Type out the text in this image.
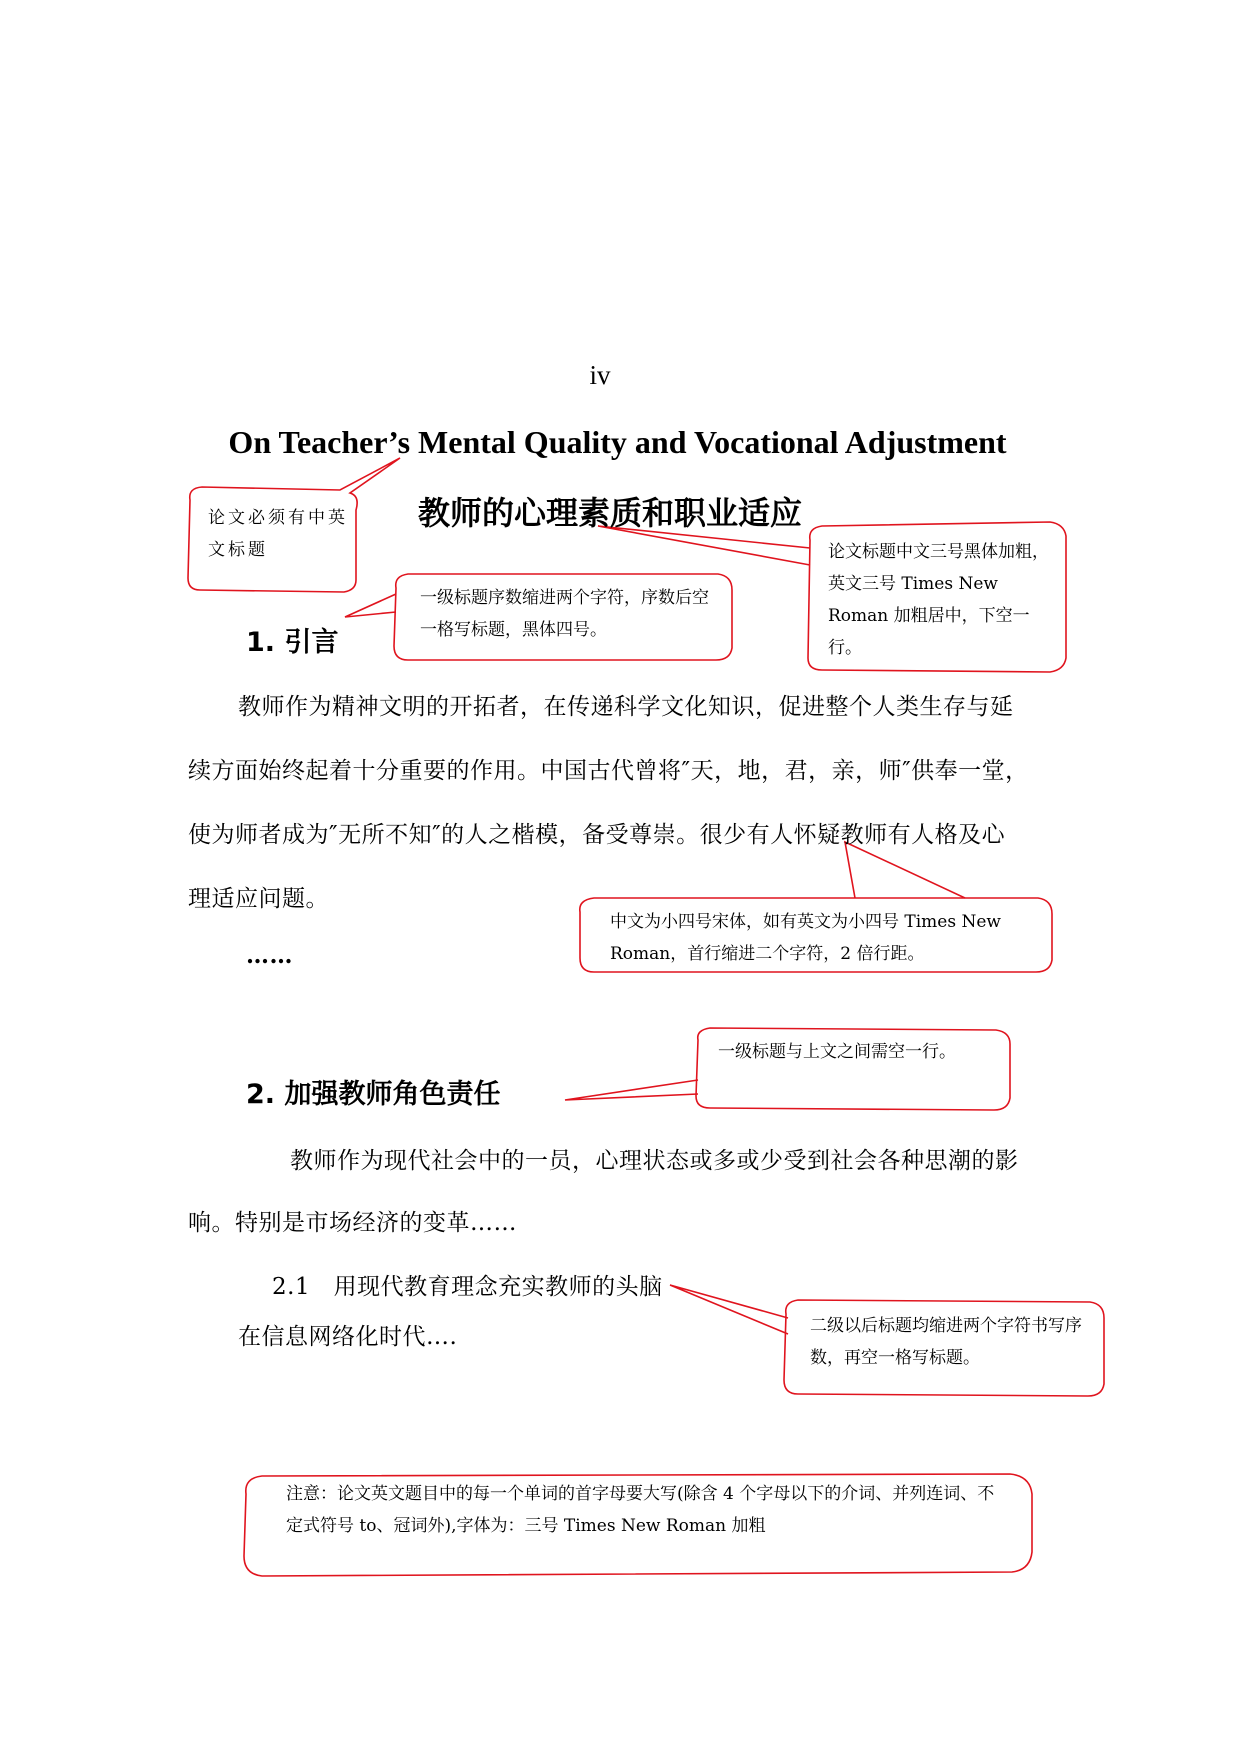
iv
On Teacher’s Mental Quality and Vocational Adjustment
教师的心理素质和职业适应
1. 引言
教师作为精神文明的开拓者，在传递科学文化知识，促进整个人类生存与延
续方面始终起着十分重要的作用。中国古代曾将″天，地，君，亲，师″供奉一堂，
使为师者成为″无所不知″的人之楷模，备受尊崇。很少有人怀疑教师有人格及心
理适应问题。
……
2. 加强教师角色责任
教师作为现代社会中的一员，心理状态或多或少受到社会各种思潮的影
响。特别是市场经济的变革……
2.1　用现代教育理念充实教师的头脑
在信息网络化时代….
论文必须有中英文标题	论文标题中文三号黑体加粗，英文三号 Times New Roman 加粗居中，下空一行。
一级标题序数缩进两个字符，序数后空一格写标题，黑体四号。
中文为小四号宋体，如有英文为小四号 Times New Roman，首行缩进二个字符，2 倍行距。
一级标题与上文之间需空一行。
二级以后标题均缩进两个字符书写序数，再空一格写标题。
注意：论文英文题目中的每一个单词的首字母要大写(除含 4 个字母以下的介词、并列连词、不定式符号 to、冠词外),字体为：三号 Times New Roman 加粗
